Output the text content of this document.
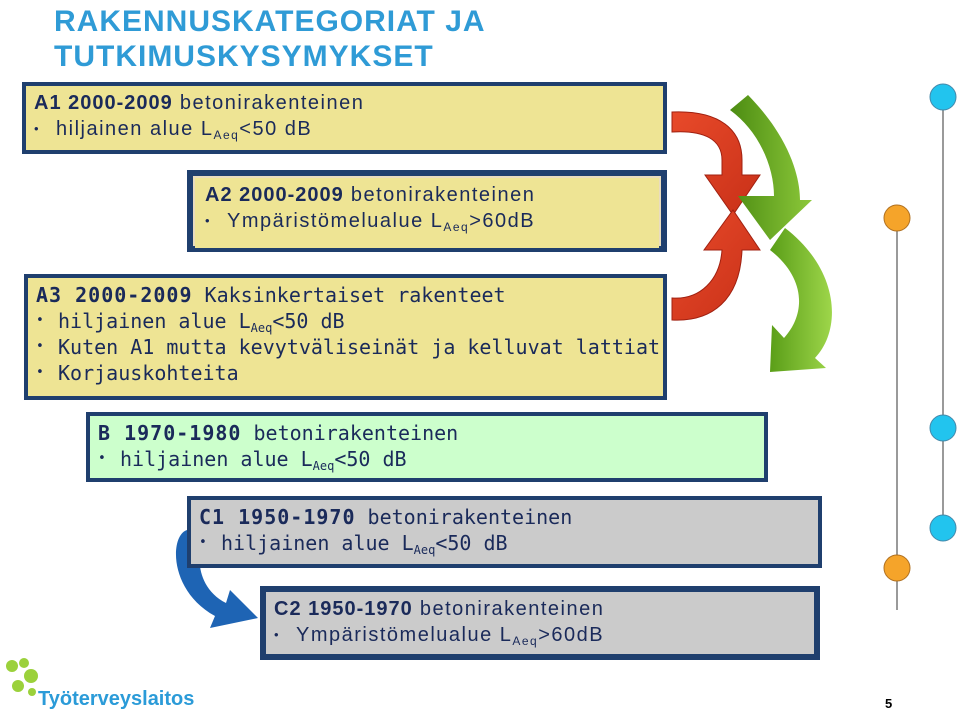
RAKENNUSKATEGORIAT JA
TUTKIMUSKYSYMYKSET
A1 2000-2009 betonirakenteinen
• hiljainen alue $L_{Aeq}<50$ dB
A2 2000-2009 betonirakenteinen
• Ympäristömelualue $L_{Aeq}>60dB$
A3 2000-2009 Kaksinkertaiset rakenteet
• hiljainen alue $L_{Aeq}<50$ dB
• Kuten A1 mutta kevytväliseinät ja kelluvat lattiat
• Korjauskohteita
B 1970-1980 betonirakenteinen
• hiljainen alue $L_{Aeq}<50$ dB
C1 1950-1970 betonirakenteinen
• hiljainen alue $L_{Aeq}<50$ dB
C2 1950-1970 betonirakenteinen
• Ympäristömelualue $L_{Aeq}>60dB$
Työterveyslaitos	5
